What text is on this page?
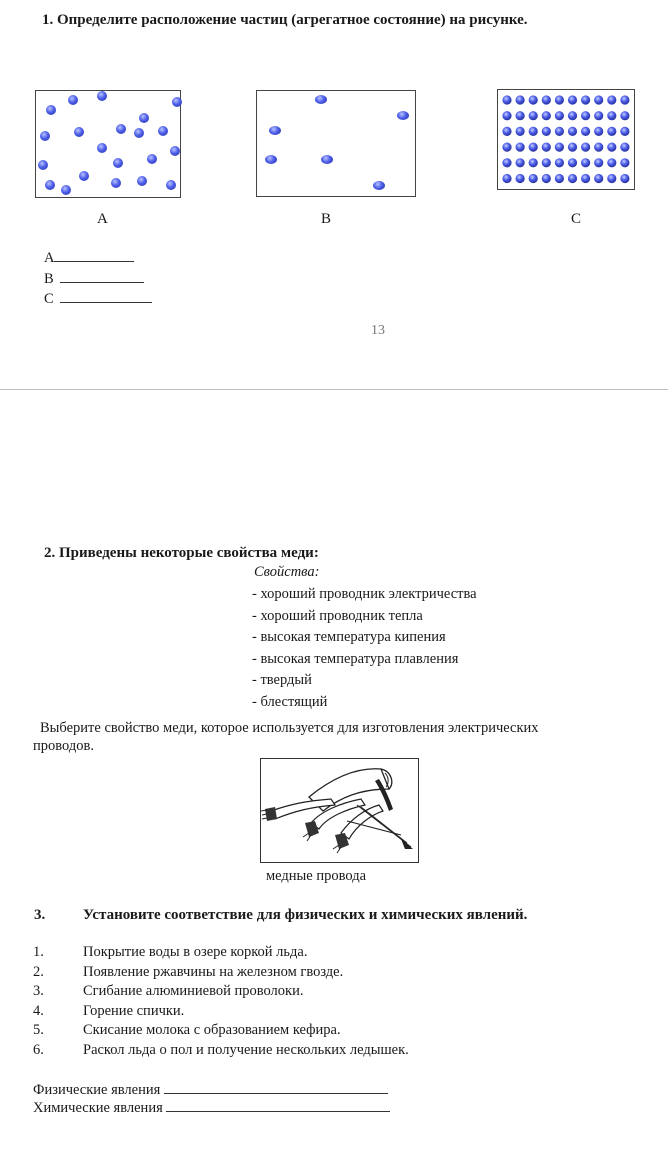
1. Определите расположение частиц (агрегатное состояние) на рисунке.
A	B	C
A
B
C
13
2. Приведены некоторые свойства меди:
Свойства:
- хороший проводник электричества
- хороший проводник тепла
- высокая температура кипения
- высокая температура плавления
- твердый
- блестящий
Выберите свойство меди, которое используется для изготовления электрических
проводов.
медные провода
3.	Установите соответствие для физических и химических явлений.
1.	Покрытие воды в озере коркой льда.
2.	Появление ржавчины на железном гвозде.
3.	Сгибание алюминиевой проволоки.
4.	Горение спички.
5.	Скисание молока с образованием кефира.
6.	Раскол льда о пол и получение нескольких ледышек.
Физические явления
Химические явления
